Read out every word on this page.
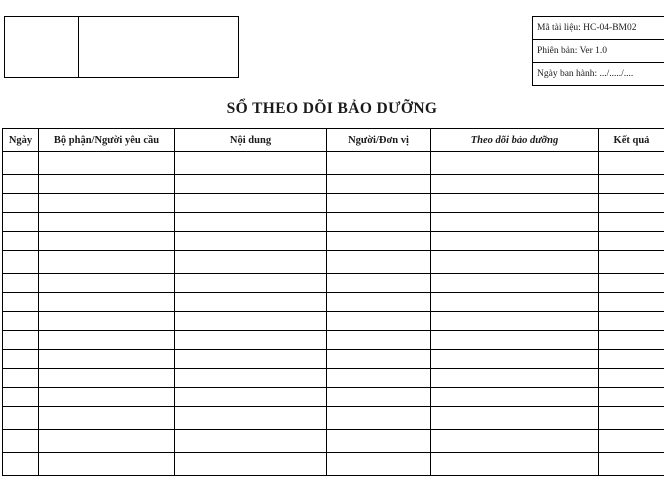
Mã tài liệu: HC-04-BM02
Phiên bản: Ver 1.0
Ngày ban hành: .../...../....
SỔ THEO DÕI BẢO DƯỠNG
Ngày	Bộ phận/Người yêu cầu	Nội dung	Người/Đơn vị	Theo dõi bảo dưỡng	Kết quả
